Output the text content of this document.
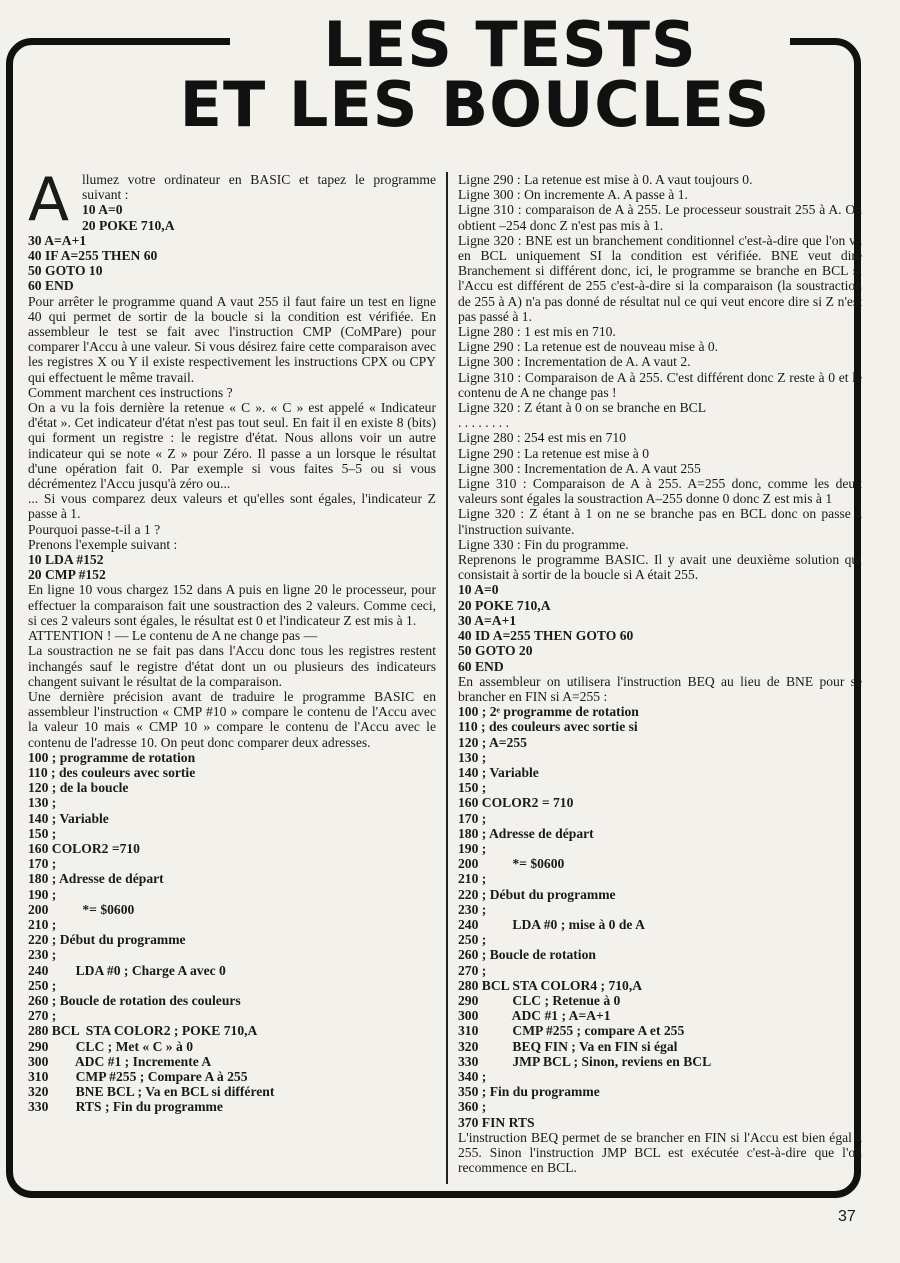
LES TESTS
ET LES BOUCLES
A llumez votre ordinateur en BASIC et tapez le programme suivant :

10 A=0
20 POKE 710,A
30 A=A+1
40 IF A=255 THEN 60
50 GOTO 10
60 END

Pour arrêter le programme quand A vaut 255 il faut faire un test en ligne 40 qui permet de sortir de la boucle si la condition est vérifiée. En assembleur le test se fait avec l'instruction CMP (CoMPare) pour comparer l'Accu à une valeur. Si vous désirez faire cette comparaison avec les registres X ou Y il existe respectivement les instructions CPX ou CPY qui effectuent le même travail.

Comment marchent ces instructions ?

On a vu la fois dernière la retenue « C ». « C » est appelé « Indicateur d'état ». Cet indicateur d'état n'est pas tout seul. En fait il en existe 8 (bits) qui forment un registre : le registre d'état. Nous allons voir un autre indicateur qui se note « Z » pour Zéro. Il passe a un lorsque le résultat d'une opération fait 0. Par exemple si vous faites 5–5 ou si vous décrémentez l'Accu jusqu'à zéro ou...

... Si vous comparez deux valeurs et qu'elles sont égales, l'indicateur Z passe à 1.

Pourquoi passe-t-il a 1 ?

Prenons l'exemple suivant :

10 LDA #152
20 CMP #152

En ligne 10 vous chargez 152 dans A puis en ligne 20 le processeur, pour effectuer la comparaison fait une soustraction des 2 valeurs. Comme ceci, si ces 2 valeurs sont égales, le résultat est 0 et l'indicateur Z est mis à 1.

ATTENTION ! — Le contenu de A ne change pas —

La soustraction ne se fait pas dans l'Accu donc tous les registres restent inchangés sauf le registre d'état dont un ou plusieurs des indicateurs changent suivant le résultat de la comparaison.

Une dernière précision avant de traduire le programme BASIC en assembleur l'instruction « CMP #10 » compare le contenu de l'Accu avec la valeur 10 mais « CMP 10 » compare le contenu de l'Accu avec le contenu de l'adresse 10. On peut donc comparer deux adresses.

100 ; programme de rotation
110 ; des couleurs avec sortie
120 ; de la boucle
130 ;
140 ; Variable
150 ;
160 COLOR2 =710
170 ;
180 ; Adresse de départ
190 ;
200          *= $0600
210 ;
220 ; Début du programme
230 ;
240        LDA #0 ; Charge A avec 0
250 ;
260 ; Boucle de rotation des couleurs
270 ;
280 BCL  STA COLOR2 ; POKE 710,A
290        CLC ; Met « C » à 0
300        ADC #1 ; Incremente A
310        CMP #255 ; Compare A à 255
320        BNE BCL ; Va en BCL si différent
330        RTS ; Fin du programme
Ligne 290 : La retenue est mise à 0. A vaut toujours 0.
Ligne 300 : On incremente A. A passe à 1.

Ligne 310 : comparaison de A à 255. Le processeur soustrait 255 à A. On obtient –254 donc Z n'est pas mis à 1.

Ligne 320 : BNE est un branchement conditionnel c'est-à-dire que l'on va en BCL uniquement SI la condition est vérifiée. BNE veut dire Branchement si différent donc, ici, le programme se branche en BCL si l'Accu est différent de 255 c'est-à-dire si la comparaison (la soustraction de 255 à A) n'a pas donné de résultat nul ce qui veut encore dire si Z n'est pas passé à 1.

Ligne 280 : 1 est mis en 710.
Ligne 290 : La retenue est de nouveau mise à 0.
Ligne 300 : Incrementation de A. A vaut 2.

Ligne 310 : Comparaison de A à 255. C'est différent donc Z reste à 0 et le contenu de A ne change pas !

Ligne 320 : Z étant à 0 on se branche en BCL
. . . . . . . .
Ligne 280 : 254 est mis en 710
Ligne 290 : La retenue est mise à 0
Ligne 300 : Incrementation de A. A vaut 255

Ligne 310 : Comparaison de A à 255. A=255 donc, comme les deux valeurs sont égales la soustraction A–255 donne 0 donc Z est mis à 1

Ligne 320 : Z étant à 1 on ne se branche pas en BCL donc on passe à l'instruction suivante.

Ligne 330 : Fin du programme.

Reprenons le programme BASIC. Il y avait une deuxième solution qui consistait à sortir de la boucle si A était 255.

10 A=0
20 POKE 710,A
30 A=A+1
40 ID A=255 THEN GOTO 60
50 GOTO 20
60 END

En assembleur on utilisera l'instruction BEQ au lieu de BNE pour se brancher en FIN si A=255 :

100 ; 2ᵉ programme de rotation
110 ; des couleurs avec sortie si
120 ; A=255
130 ;
140 ; Variable
150 ;
160 COLOR2 = 710
170 ;
180 ; Adresse de départ
190 ;
200          *= $0600
210 ;
220 ; Début du programme
230 ;
240          LDA #0 ; mise à 0 de A
250 ;
260 ; Boucle de rotation
270 ;
280 BCL STA COLOR4 ; 710,A
290          CLC ; Retenue à 0
300          ADC #1 ; A=A+1
310          CMP #255 ; compare A et 255
320          BEQ FIN ; Va en FIN si égal
330          JMP BCL ; Sinon, reviens en BCL
340 ;
350 ; Fin du programme
360 ;
370 FIN RTS

L'instruction BEQ permet de se brancher en FIN si l'Accu est bien égal à 255. Sinon l'instruction JMP BCL est exécutée c'est-à-dire que l'on recommence en BCL.

37
